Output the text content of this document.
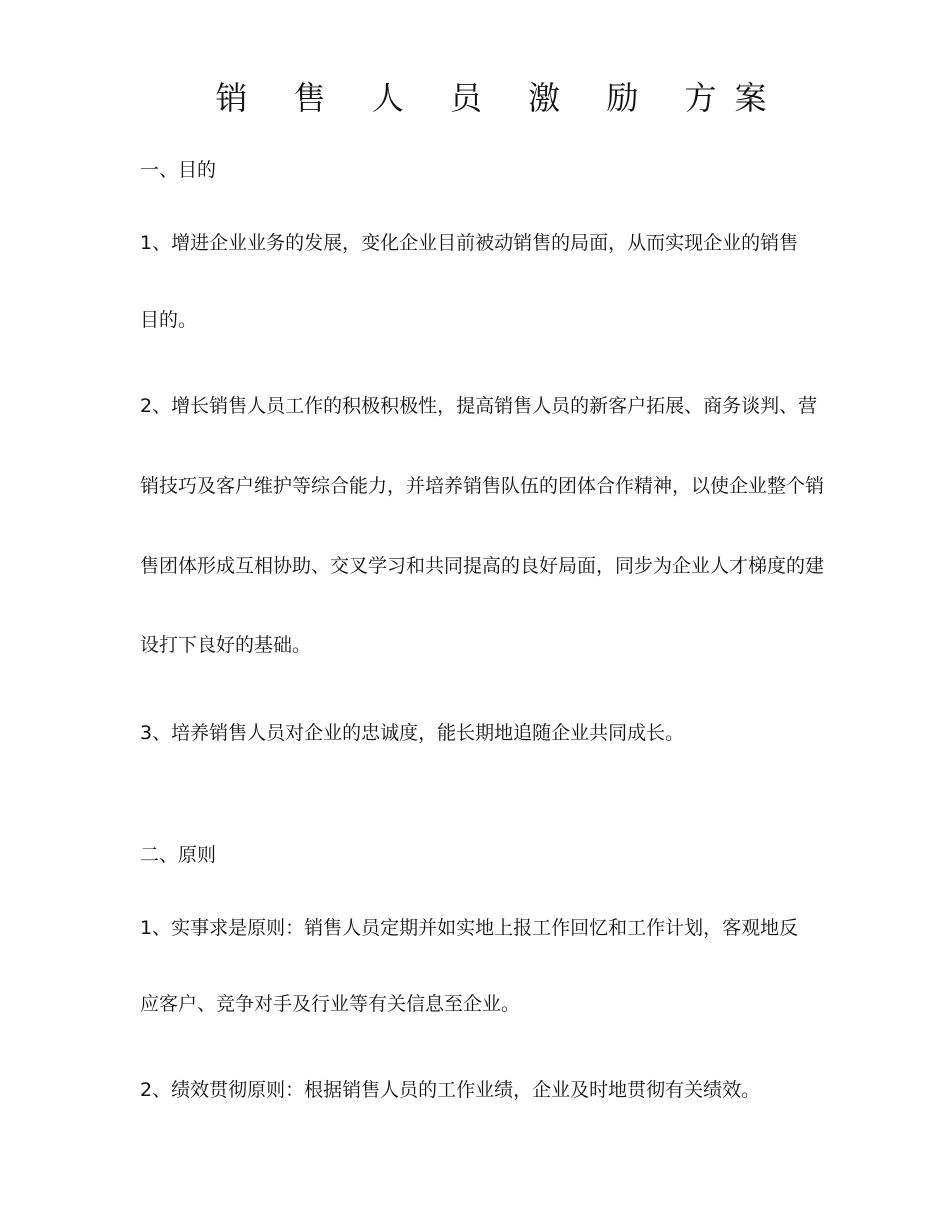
销 售 人 员 激 励 方案
一、目的
1、增进企业业务的发展，变化企业目前被动销售的局面，从而实现企业的销售
目的。
2、增长销售人员工作的积极积极性，提高销售人员的新客户拓展、商务谈判、营
销技巧及客户维护等综合能力，并培养销售队伍的团体合作精神，以使企业整个销
售团体形成互相协助、交叉学习和共同提高的良好局面，同步为企业人才梯度的建
设打下良好的基础。
3、培养销售人员对企业的忠诚度，能长期地追随企业共同成长。
二、原则
1、实事求是原则：销售人员定期并如实地上报工作回忆和工作计划，客观地反
应客户、竞争对手及行业等有关信息至企业。
2、绩效贯彻原则：根据销售人员的工作业绩，企业及时地贯彻有关绩效。
